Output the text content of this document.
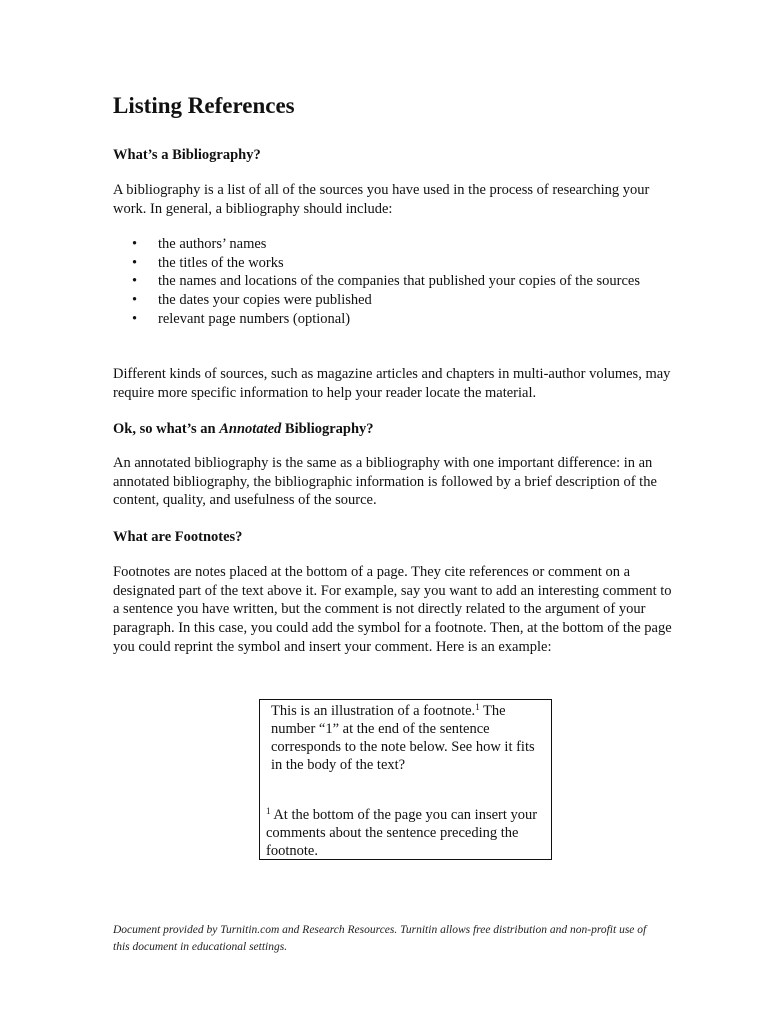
Listing References
What’s a Bibliography?

A bibliography is a list of all of the sources you have used in the process of researching your work. In general, a bibliography should include:

• the authors’ names
• the titles of the works
• the names and locations of the companies that published your copies of the sources
• the dates your copies were published
• relevant page numbers (optional)

Different kinds of sources, such as magazine articles and chapters in multi-author volumes, may require more specific information to help your reader locate the material.

Ok, so what’s an Annotated Bibliography?

An annotated bibliography is the same as a bibliography with one important difference: in an annotated bibliography, the bibliographic information is followed by a brief description of the content, quality, and usefulness of the source.

What are Footnotes?

Footnotes are notes placed at the bottom of a page. They cite references or comment on a designated part of the text above it. For example, say you want to add an interesting comment to a sentence you have written, but the comment is not directly related to the argument of your paragraph. In this case, you could add the symbol for a footnote. Then, at the bottom of the page you could reprint the symbol and insert your comment. Here is an example:

This is an illustration of a footnote.$^1$ The number “1” at the end of the sentence corresponds to the note below. See how it fits in the body of the text?

$^1$ At the bottom of the page you can insert your comments about the sentence preceding the footnote.

Document provided by Turnitin.com and Research Resources. Turnitin allows free distribution and non-profit use of this document in educational settings.
